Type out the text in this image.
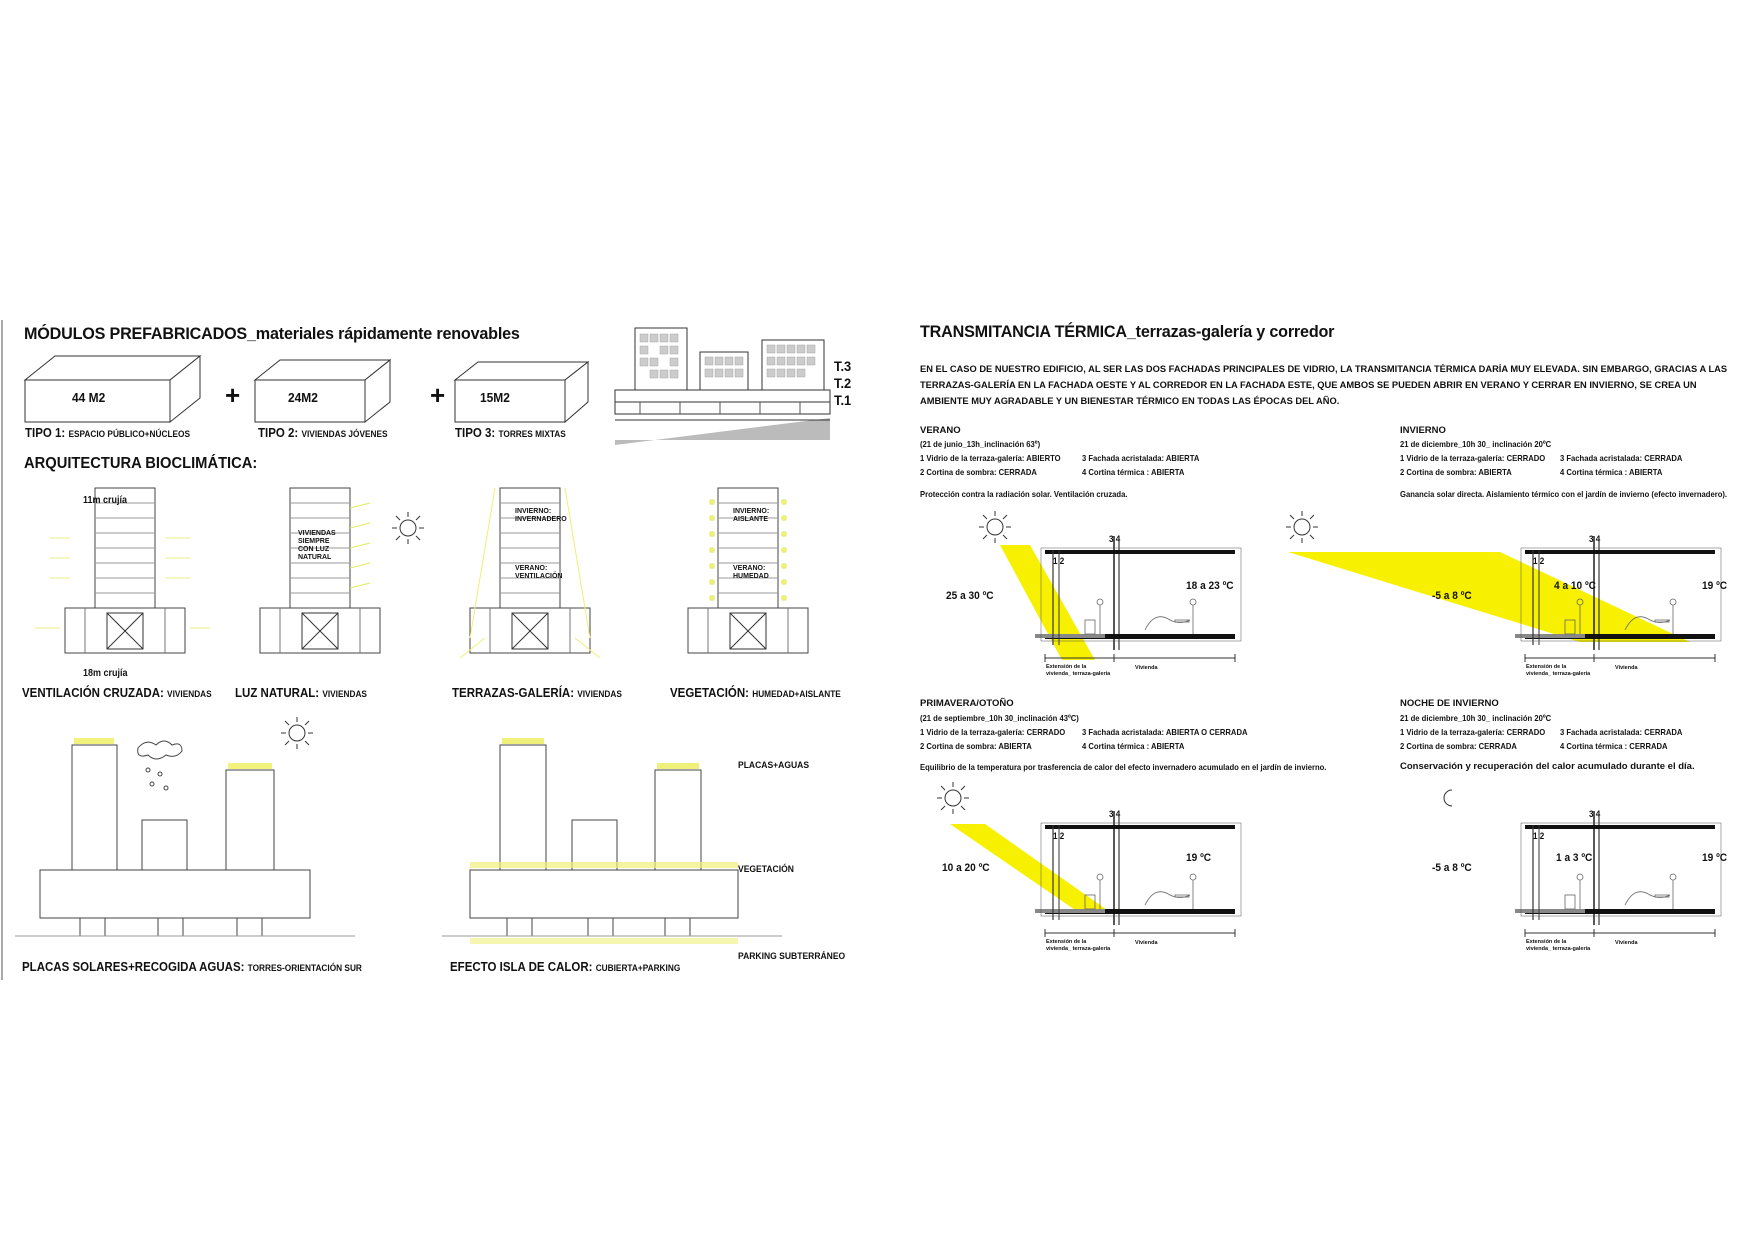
MÓDULOS PREFABRICADOS_materiales rápidamente renovables
44 M2	24M2	15M2
+	+
TIPO 1: ESPACIO PÚBLICO+NÚCLEOS	TIPO 2: VIVIENDAS JÓVENES	TIPO 3: TORRES MIXTAS
T.3
T.2
T.1
ARQUITECTURA BIOCLIMÁTICA:
11m crujía
18m crujía
VIVIENDAS SIEMPRE CON LUZ NATURAL
INVIERNO: INVERNADERO
VERANO: VENTILACIÓN
INVIERNO: AISLANTE
VERANO: HUMEDAD
VENTILACIÓN CRUZADA: VIVIENDAS LUZ NATURAL: VIVIENDAS	TERRAZAS-GALERÍA: VIVIENDAS	VEGETACIÓN: HUMEDAD+AISLANTE
PLACAS+AGUAS
VEGETACIÓN
PARKING SUBTERRÁNEO
PLACAS SOLARES+RECOGIDA AGUAS: TORRES-ORIENTACIÓN SUR	EFECTO ISLA DE CALOR: CUBIERTA+PARKING
TRANSMITANCIA TÉRMICA_terrazas-galería y corredor
EN EL CASO DE NUESTRO EDIFICIO, AL SER LAS DOS FACHADAS PRINCIPALES DE VIDRIO, LA TRANSMITANCIA TÉRMICA DARÍA MUY ELEVADA. SIN EMBARGO, GRACIAS A LAS TERRAZAS-GALERÍA EN LA FACHADA OESTE Y AL CORREDOR EN LA FACHADA ESTE, QUE AMBOS SE PUEDEN ABRIR EN VERANO Y CERRAR EN INVIERNO, SE CREA UN AMBIENTE MUY AGRADABLE Y UN BIENESTAR TÉRMICO EN TODAS LAS ÉPOCAS DEL AÑO.
VERANO
(21 de junio_13h_inclinación 63º)
1 Vidrio de la terraza-galería: ABIERTO	3 Fachada acristalada: ABIERTA
2 Cortina de sombra: CERRADA	4 Cortina térmica : ABIERTA
Protección contra la radiación solar. Ventilación cruzada.
25 a 30 ºC
18 a 23 ºC
INVIERNO
21 de diciembre_10h 30_ inclinación 20ºC
1 Vidrio de la terraza-galería: CERRADO 3 Fachada acristalada: CERRADA
2 Cortina de sombra: ABIERTA	4 Cortina térmica : ABIERTA
Ganancia solar directa. Aislamiento térmico con el jardín de invierno (efecto invernadero).
-5 a 8 ºC
4 a 10 ºC	19 ºC
PRIMAVERA/OTOÑO
(21 de septiembre_10h 30_inclinación 43ºC)
1 Vidrio de la terraza-galería: CERRADO 3 Fachada acristalada: ABIERTA O CERRADA
2 Cortina de sombra: ABIERTA	4 Cortina térmica : ABIERTA
Equilibrio de la temperatura por trasferencia de calor del efecto invernadero acumulado en el jardín de invierno.
10 a 20 ºC
19 ºC
NOCHE DE INVIERNO
21 de diciembre_10h 30_ inclinación 20ºC
1 Vidrio de la terraza-galería: CERRADO 3 Fachada acristalada: CERRADA
2 Cortina de sombra: CERRADA	4 Cortina térmica : CERRADA
Conservación y recuperación del calor acumulado durante el día.
-5 a 8 ºC
1 a 3 ºC	19 ºC
1 2
3 4
1 2
3 4
1 2
3 4
1 2
3 4
Extensión de la vivienda_ terraza-galería
Vivienda	Extensión de la vivienda_ terraza-galería
Vivienda
Extensión de la vivienda_ terraza-galería
Vivienda	Extensión de la vivienda_ terraza-galería
Vivienda
